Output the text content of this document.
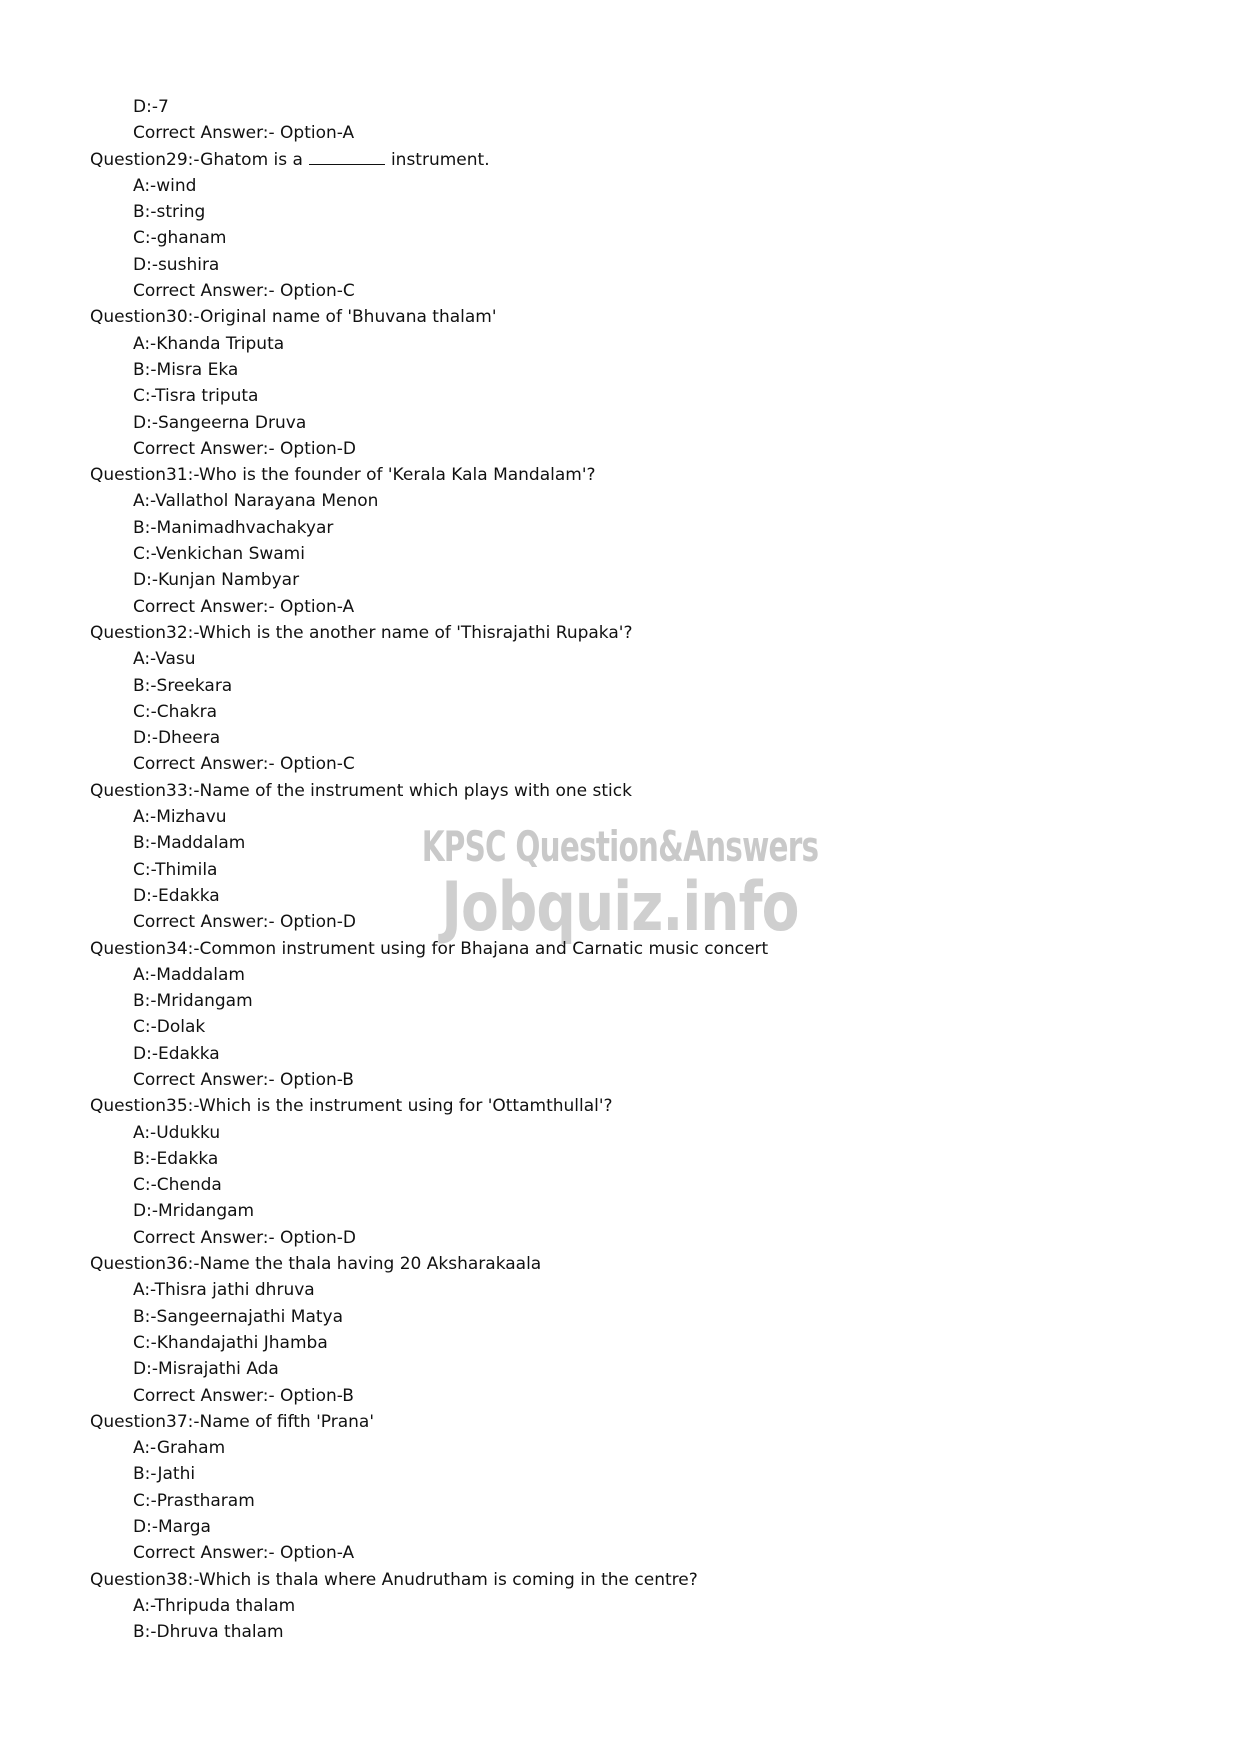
KPSC Question&Answers
Jobquiz.info
D:-7
Correct Answer:- Option-A
Question29:-Ghatom is a	instrument.
A:-wind
B:-string
C:-ghanam
D:-sushira
Correct Answer:- Option-C
Question30:-Original name of 'Bhuvana thalam'
A:-Khanda Triputa
B:-Misra Eka
C:-Tisra triputa
D:-Sangeerna Druva
Correct Answer:- Option-D
Question31:-Who is the founder of 'Kerala Kala Mandalam'?
A:-Vallathol Narayana Menon
B:-Manimadhvachakyar
C:-Venkichan Swami
D:-Kunjan Nambyar
Correct Answer:- Option-A
Question32:-Which is the another name of 'Thisrajathi Rupaka'?
A:-Vasu
B:-Sreekara
C:-Chakra
D:-Dheera
Correct Answer:- Option-C
Question33:-Name of the instrument which plays with one stick
A:-Mizhavu
B:-Maddalam
C:-Thimila
D:-Edakka
Correct Answer:- Option-D
Question34:-Common instrument using for Bhajana and Carnatic music concert
A:-Maddalam
B:-Mridangam
C:-Dolak
D:-Edakka
Correct Answer:- Option-B
Question35:-Which is the instrument using for 'Ottamthullal'?
A:-Udukku
B:-Edakka
C:-Chenda
D:-Mridangam
Correct Answer:- Option-D
Question36:-Name the thala having 20 Aksharakaala
A:-Thisra jathi dhruva
B:-Sangeernajathi Matya
C:-Khandajathi Jhamba
D:-Misrajathi Ada
Correct Answer:- Option-B
Question37:-Name of fifth 'Prana'
A:-Graham
B:-Jathi
C:-Prastharam
D:-Marga
Correct Answer:- Option-A
Question38:-Which is thala where Anudrutham is coming in the centre?
A:-Thripuda thalam
B:-Dhruva thalam
